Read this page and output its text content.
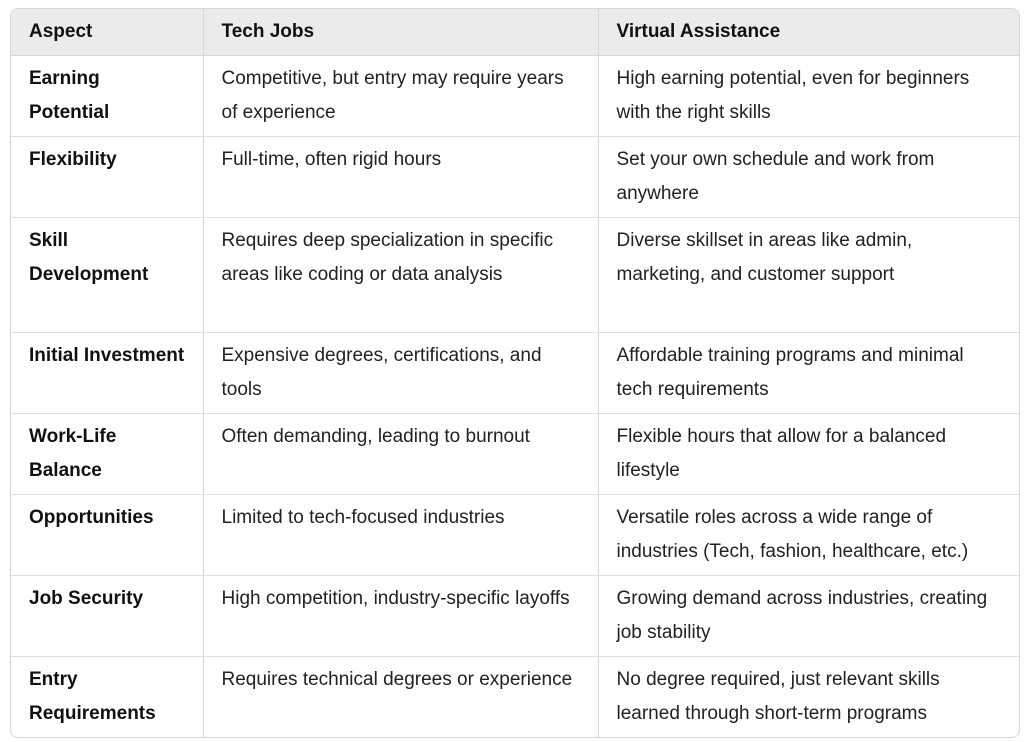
Aspect	Tech Jobs	Virtual Assistance
Earning Potential	Competitive, but entry may require years of experience	High earning potential, even for beginners with the right skills
Flexibility	Full-time, often rigid hours	Set your own schedule and work from anywhere
Skill Development	Requires deep specialization in specific areas like coding or data analysis	Diverse skillset in areas like admin, marketing, and customer support
Initial Investment	Expensive degrees, certifications, and tools	Affordable training programs and minimal tech requirements
Work-Life Balance	Often demanding, leading to burnout	Flexible hours that allow for a balanced lifestyle
Opportunities	Limited to tech-focused industries	Versatile roles across a wide range of industries (Tech, fashion, healthcare, etc.)
Job Security	High competition, industry-specific layoffs	Growing demand across industries, creating job stability
Entry Requirements	Requires technical degrees or experience	No degree required, just relevant skills learned through short-term programs
